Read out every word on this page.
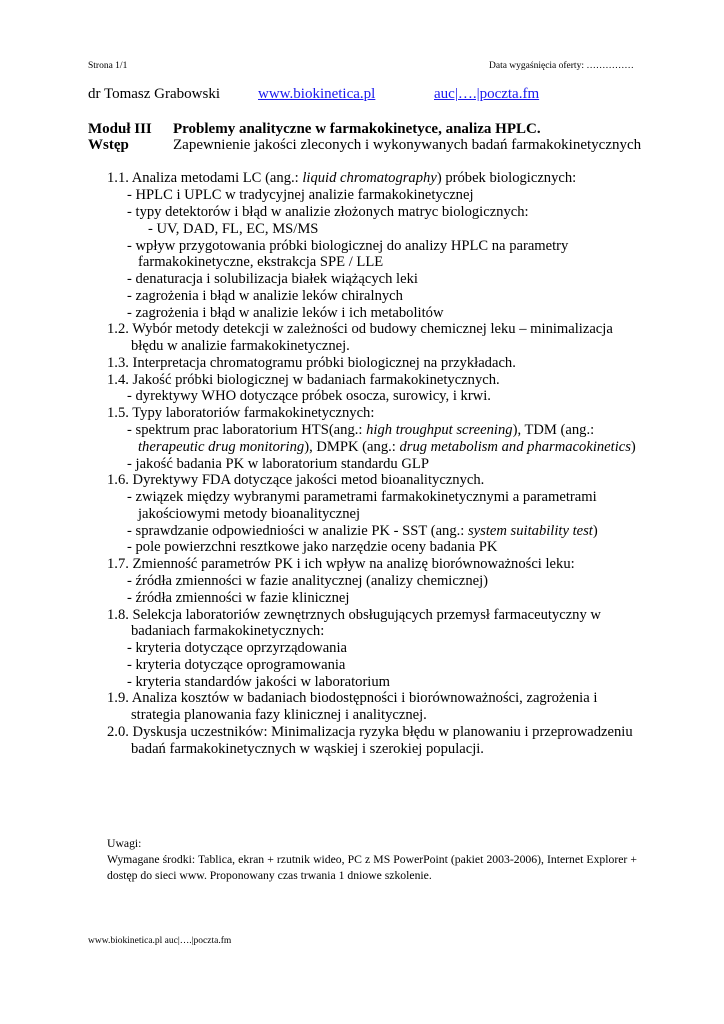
Strona 1/1	Data wygaśnięcia oferty: ……………
dr Tomasz Grabowski	www.biokinetica.pl	auc|….|poczta.fm
Moduł III Problemy analityczne w farmakokinetyce, analiza HPLC.
Wstęp	Zapewnienie jakości zleconych i wykonywanych badań farmakokinetycznych
1.1. Analiza metodami LC (ang.: liquid chromatography) próbek biologicznych:
- HPLC i UPLC w tradycyjnej analizie farmakokinetycznej
- typy detektorów i błąd w analizie złożonych matryc biologicznych:
- UV, DAD, FL, EC, MS/MS
- wpływ przygotowania próbki biologicznej do analizy HPLC na parametry
farmakokinetyczne, ekstrakcja SPE / LLE
- denaturacja i solubilizacja białek wiążących leki
- zagrożenia i błąd w analizie leków chiralnych
- zagrożenia i błąd w analizie leków i ich metabolitów
1.2. Wybór metody detekcji w zależności od budowy chemicznej leku – minimalizacja
błędu w analizie farmakokinetycznej.
1.3. Interpretacja chromatogramu próbki biologicznej na przykładach.
1.4. Jakość próbki biologicznej w badaniach farmakokinetycznych.
- dyrektywy WHO dotyczące próbek osocza, surowicy, i krwi.
1.5. Typy laboratoriów farmakokinetycznych:
- spektrum prac laboratorium HTS(ang.: high troughput screening), TDM (ang.:
therapeutic drug monitoring), DMPK (ang.: drug metabolism and pharmacokinetics)
- jakość badania PK w laboratorium standardu GLP
1.6. Dyrektywy FDA dotyczące jakości metod bioanalitycznych.
- związek między wybranymi parametrami farmakokinetycznymi a parametrami
jakościowymi metody bioanalitycznej
- sprawdzanie odpowiedniości w analizie PK - SST (ang.: system suitability test)
- pole powierzchni resztkowe jako narzędzie oceny badania PK
1.7. Zmienność parametrów PK i ich wpływ na analizę biorównoważności leku:
- źródła zmienności w fazie analitycznej (analizy chemicznej)
- źródła zmienności w fazie klinicznej
1.8. Selekcja laboratoriów zewnętrznych obsługujących przemysł farmaceutyczny w
badaniach farmakokinetycznych:
- kryteria dotyczące oprzyrządowania
- kryteria dotyczące oprogramowania
- kryteria standardów jakości w laboratorium
1.9. Analiza kosztów w badaniach biodostępności i biorównoważności, zagrożenia i
strategia planowania fazy klinicznej i analitycznej.
2.0. Dyskusja uczestników: Minimalizacja ryzyka błędu w planowaniu i przeprowadzeniu
badań farmakokinetycznych w wąskiej i szerokiej populacji.

Uwagi:

Wymagane środki: Tablica, ekran + rzutnik wideo, PC z MS PowerPoint (pakiet 2003-2006), Internet Explorer + dostęp do sieci www. Proponowany czas trwania 1 dniowe szkolenie.

www.biokinetica.pl auc|….|poczta.fm
